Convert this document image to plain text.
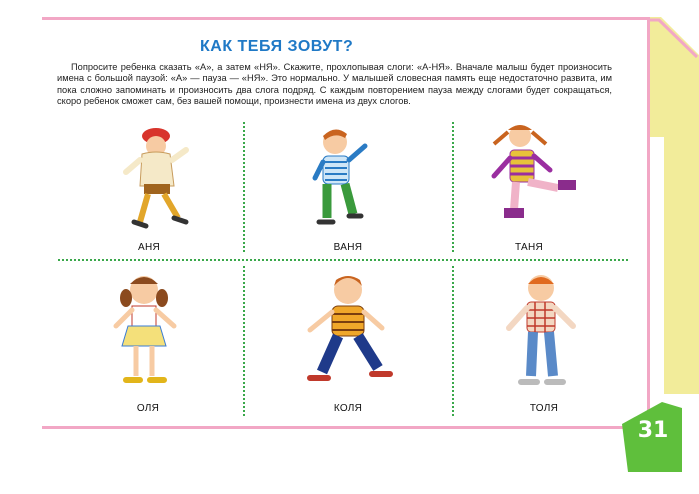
КАК ТЕБЯ ЗОВУТ?

Попросите ребенка сказать «А», а затем «НЯ». Скажите, прохлопывая слоги: «А-НЯ». Вначале малыш будет произносить имена с большой паузой: «А» — пауза — «НЯ». Это нормально. У малышей словесная память еще недостаточно развита, им пока сложно запоминать и произносить два слога подряд. С каждым повторением пауза между слогами будет сокращаться, скоро ребенок сможет сам, без вашей помощи, произнести имена из двух слогов.

АНЯ	ВАНЯ	ТАНЯ
ОЛЯ	КОЛЯ	ТОЛЯ
31
